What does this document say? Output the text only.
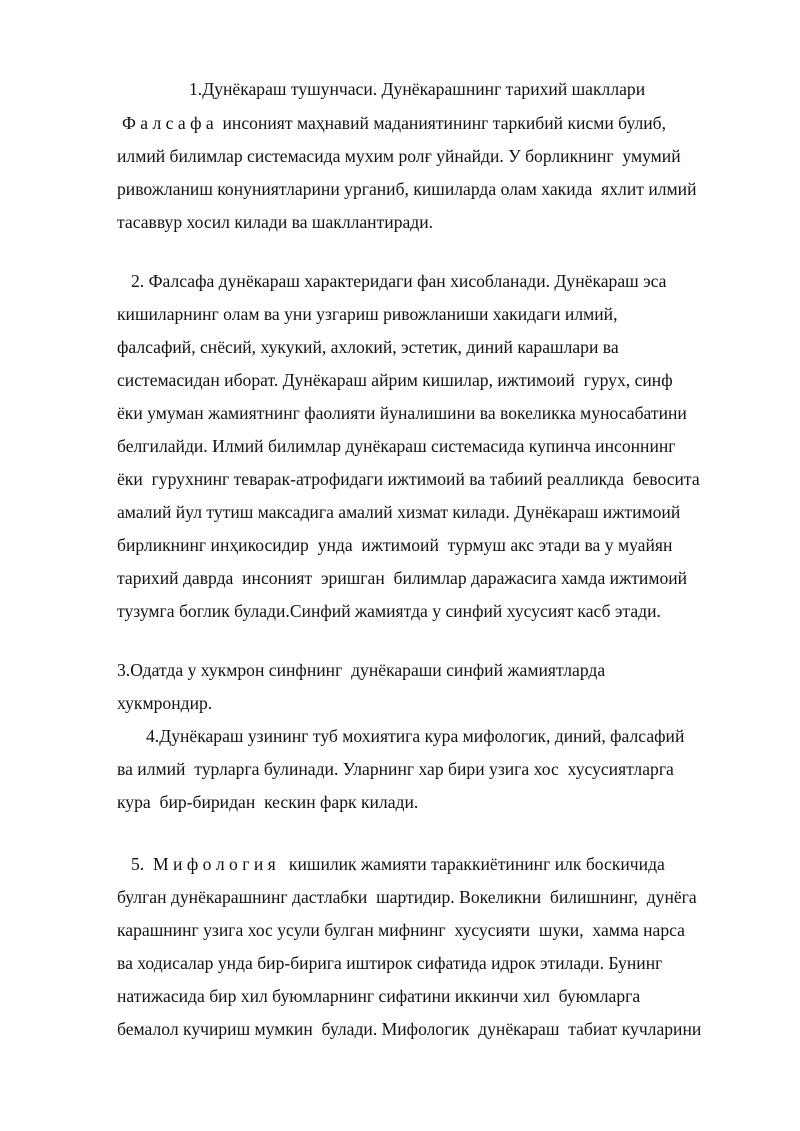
1.Дунёкараш тушунчаси. Дунёкарашнинг тарихий шакллари

Ф а л с а ф а  инсоният маҳнавий маданиятининг таркибий кисми булиб,

илмий билимлар системасида мухим ролғ уйнайди. У борликнинг  умумий

ривожланиш конуниятларини урганиб, кишиларда олам хакида  яхлит илмий

тасаввур хосил килади ва шакллантиради.

2. Фалсафа дунёкараш характеридаги фан хисобланади. Дунёкараш эса

кишиларнинг олам ва уни узгариш ривожланиши хакидаги илмий,

фалсафий, снёсий, хукукий, ахлокий, эстетик, диний карашлари ва

системасидан иборат. Дунёкараш айрим кишилар, ижтимоий  гурух, синф

ёки умуман жамиятнинг фаолияти йуналишини ва вокеликка муносабатини

белгилайди. Илмий билимлар дунёкараш системасида купинча инсоннинг

ёки  гурухнинг теварак-атрофидаги ижтимоий ва табиий реалликда  бевосита

амалий йул тутиш максадига амалий хизмат килади. Дунёкараш ижтимоий

бирликнинг инҳикосидир  унда  ижтимоий  турмуш акс этади ва у муайян

тарихий даврда  инсоният  эришган  билимлар даражасига хамда ижтимоий

тузумга боглик булади.Синфий жамиятда у синфий хусусият касб этади.

3.Одатда у хукмрон синфнинг  дунёкараши синфий жамиятларда

хукмрондир.

4.Дунёкараш узининг туб мохиятига кура мифологик, диний, фалсафий

ва илмий  турларга булинади. Уларнинг хар бири узига хос  хусусиятларга

кура  бир-биридан  кескин фарк килади.

5.  М и ф о л о г и я   кишилик жамияти тараккиётининг илк боскичида

булган дунёкарашнинг дастлабки  шартидир. Вокеликни  билишнинг,  дунёга

карашнинг узига хос усули булган мифнинг  хусусияти  шуки,  хамма нарса

ва ходисалар унда бир-бирига иштирок сифатида идрок этилади. Бунинг

натижасида бир хил буюмларнинг сифатини иккинчи хил  буюмларга

бемалол кучириш мумкин  булади. Мифологик  дунёкараш  табиат кучларини
